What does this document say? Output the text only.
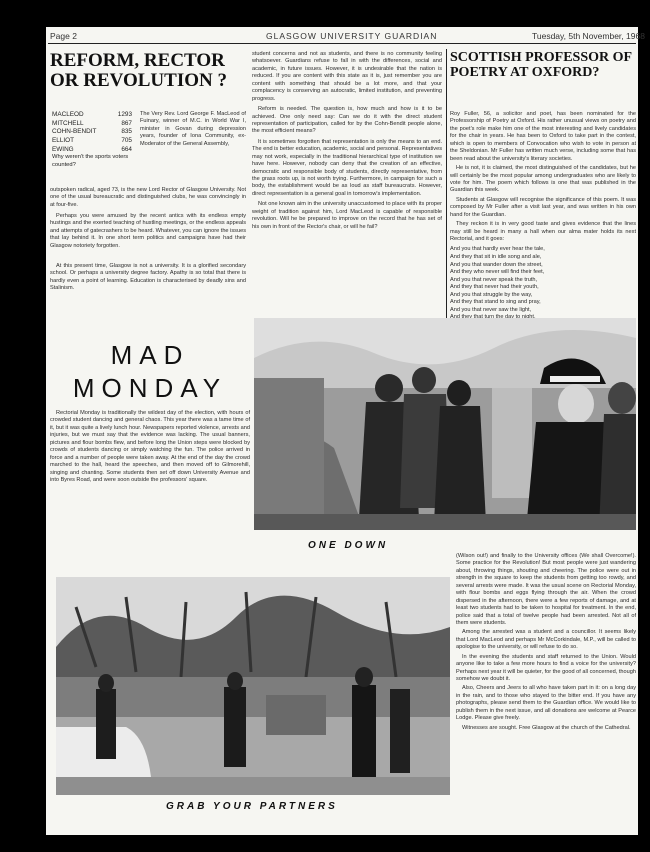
Page 2	GLASGOW UNIVERSITY GUARDIAN	Tuesday, 5th November, 1968
REFORM, RECTOR OR REVOLUTION ?
MACLEOD	1293
MITCHELL	867
COHN-BENDIT	835
ELLIOT	705
EWING	664
Why weren't the sports voters counted?

The Very Rev. Lord George F. MacLeod of Fuinary, winner of M.C. in World War I, minister in Govan during depression years, founder of Iona Community, ex-Moderator of the General Assembly,

outspoken radical, aged 73, is the new Lord Rector of Glasgow University. Not one of the usual bureaucratic and distinguished clubs, he was convincingly in at four-five.

Perhaps you were amused by the recent antics with its endless empty hustings and the exerted teaching of hustling meetings, or the endless appeals and attempts of gatecrashers to be heard. Whatever, you can ignore the issues that lay behind it. In one short term politics and campaigns have had their Glasgow notoriety forgotten.

At this present time, Glasgow is not a university. It is a glorified secondary school. Or perhaps a university degree factory. Apathy is so total that there is hardly even a point of learning. Education is characterised by deadly sins and Stalinism.

student concerns and not as students, and there is no community feeling whatsoever. Guardians refuse to fall in with the differences, social and academic, in future issues. However, it is undesirable that the nation is reduced. If you are content with this state as it is, just remember you are content with something that should be a lot more, and that your complacency is conserving an autocratic, limited institution, and preventing progress.

Reform is needed. The question is, how much and how is it to be achieved. One only need say: Can we do it with the direct student representation of participation, called for by the Cohn-Bendit people alone, the most efficient means?

It is sometimes forgotten that representation is only the means to an end. The end is better education, academic, social and personal. Representatives may not work, especially in the traditional hierarchical type of institution we have here. However, nobody can deny that the creation of an effective, democratic and responsible body of students, directly representative, from the grass roots up, is not worth trying. Furthermore, in campaign for such a body, the establishment would be as loud as staff bureaucrats. However, direct representation is a general goal in tomorrow's implementation.

Not one known aim in the university unaccustomed to place with its proper weight of tradition against him, Lord MacLeod is capable of responsible revolution. Will he be prepared to improve on the record that he has set of his own in front of the Rector's chair, or will he fail?

SCOTTISH PROFESSOR OF POETRY AT OXFORD?

Roy Fuller, 56, a solicitor and poet, has been nominated for the Professorship of Poetry at Oxford. His rather unusual views on poetry and the poet's role make him one of the most interesting and lively candidates for the chair in years. He has been to Oxford to take part in the contest, which is open to members of Convocation who wish to vote in person at the Sheldonian. Mr Fuller has written much verse, including some that has been read about the university's literary societies.

He is not, it is claimed, the most distinguished of the candidates, but he will certainly be the most popular among undergraduates who are likely to vote for him. The poem which follows is one that was published in the Guardian this week.

Students at Glasgow will recognise the significance of this poem. It was composed by Mr Fuller after a visit last year, and was written in his own hand for the Guardian.

They reckon it is in very good taste and gives evidence that the lines may still be heard in many a hall when our alma mater holds its next Rectorial, and it goes:

And you that hardly ever hear the tale,
And they that sit in idle song and ale,
And you that wander down the street,
And they who never will find their feet,
And you that never speak the truth,
And they that never had their youth,
And you that struggle by the way,
And they that stand to sing and pray,
And you that never saw the light,
MAD MONDAY

Rectorial Monday is traditionally the wildest day of the election, with hours of crowded student dancing and general chaos. This year there was a tame time of it, but it was quite a lively lunch hour. Newspapers reported violence, arrests and injuries, but we must say that the evidence was lacking. The usual banners, pictures and flour bombs flew, and before long the Union steps were blocked by crowds of students dancing or simply watching the fun. The police arrived in force and a number of people were taken away. At the end of the day the crowd marched to the hall, heard the speeches, and then moved off to Gilmorehill, singing and chanting. Some students then set off down University Avenue and into Byres Road, and were soon outside the professors' square.

ONE DOWN
GRAB YOUR PARTNERS

(Wilson out!) and finally to the University offices (We shall Overcome!). Some practice for the Revolution! But most people were just wandering about, throwing things, shouting and cheering. The police were out in strength in the square to keep the students from getting too rowdy, and several arrests were made. It was the usual scene on Rectorial Monday, with flour bombs and eggs flying through the air. When the crowd dispersed in the afternoon, there were a few reports of damage, and at least two students had to be taken to hospital for treatment. In the end, police said that a total of twelve people had been arrested. Not all of them were students.

Among the arrested was a student and a councillor. It seems likely that Lord MacLeod and perhaps Mr McCorkindale, M.P., will be called to apologise to the university, or will refuse to do so.

In the evening the students and staff returned to the Union. Would anyone like to take a few more hours to find a voice for the university? Perhaps next year it will be quieter, for the good of all concerned, though somehow we doubt it.

Also, Cheers and Jeers to all who have taken part in it: on a long day in the rain, and to those who stayed to the bitter end. If you have any photographs, please send them to the Guardian office. We would like to publish them in the next issue, and all donations are welcome at Pearce Lodge. Please give freely.

Witnesses are sought. Free Glasgow at the church of the Cathedral.
